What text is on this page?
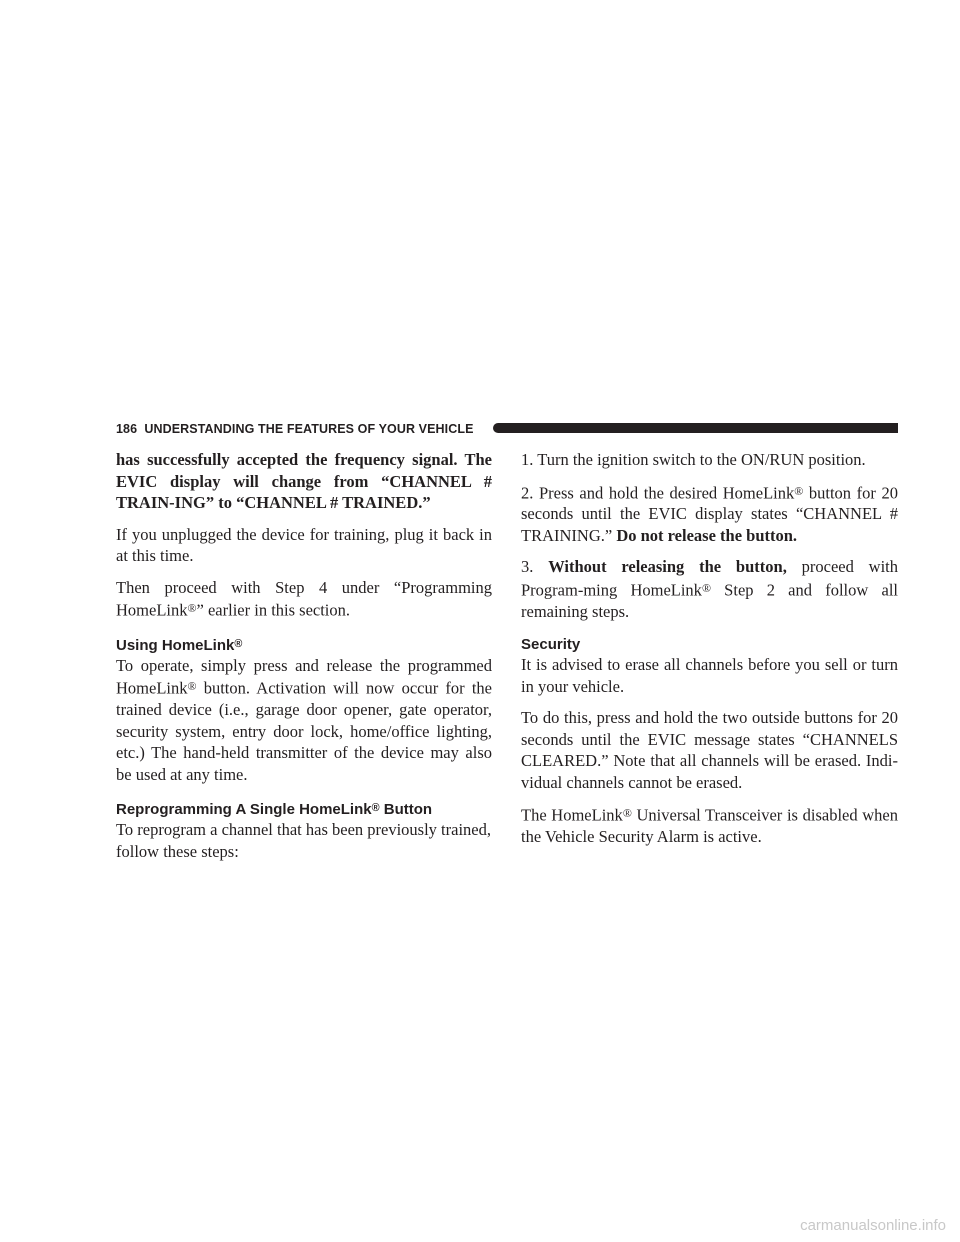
186 UNDERSTANDING THE FEATURES OF YOUR VEHICLE

has successfully accepted the frequency signal. The EVIC display will change from “CHANNEL # TRAIN-ING” to “CHANNEL # TRAINED.”

If you unplugged the device for training, plug it back in at this time.

Then proceed with Step 4 under “Programming HomeLink®” earlier in this section.

Using HomeLink®

To operate, simply press and release the programmed HomeLink® button. Activation will now occur for the trained device (i.e., garage door opener, gate operator, security system, entry door lock, home/office lighting, etc.) The hand-held transmitter of the device may also be used at any time.

Reprogramming A Single HomeLink® Button

To reprogram a channel that has been previously trained, follow these steps:

1. Turn the ignition switch to the ON/RUN position.

2. Press and hold the desired HomeLink® button for 20 seconds until the EVIC display states “CHANNEL # TRAINING.” Do not release the button.

3. Without releasing the button, proceed with Program-ming HomeLink® Step 2 and follow all remaining steps.

Security

It is advised to erase all channels before you sell or turn in your vehicle.

To do this, press and hold the two outside buttons for 20 seconds until the EVIC message states “CHANNELS CLEARED.” Note that all channels will be erased. Indi-vidual channels cannot be erased.

The HomeLink® Universal Transceiver is disabled when the Vehicle Security Alarm is active.

carmanualsonline.info
